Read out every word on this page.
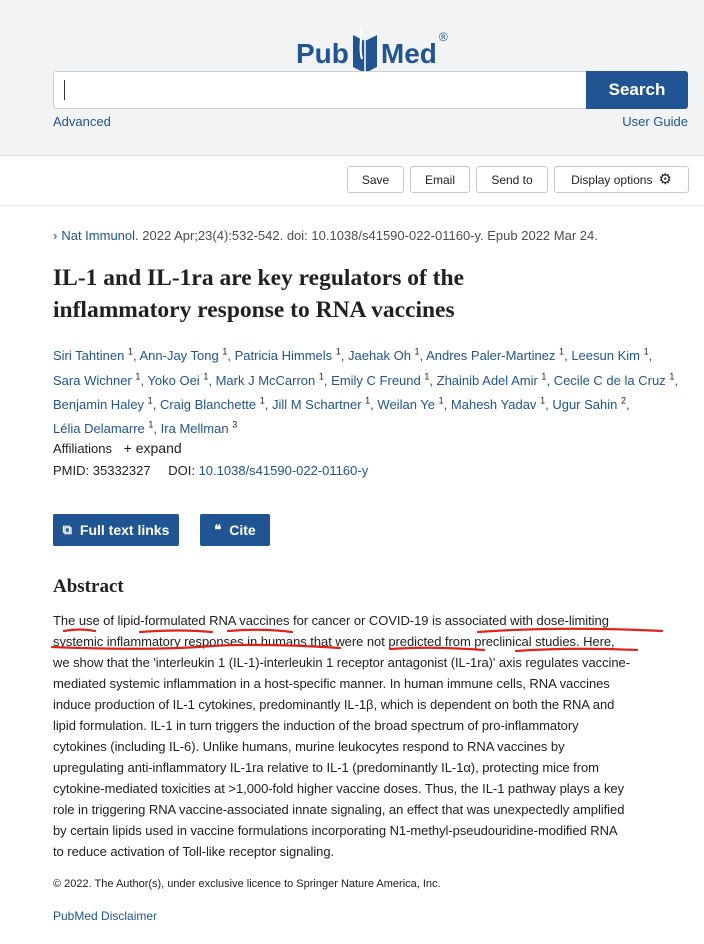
Pub Med
®
Search
Advanced	User Guide
Save	Email	Send to	Display options ⚙
› Nat Immunol. 2022 Apr;23(4):532-542. doi: 10.1038/s41590-022-01160-y. Epub 2022 Mar 24.
IL-1 and IL-1ra are key regulators of the
inflammatory response to RNA vaccines
Siri Tahtinen $^1$, Ann-Jay Tong $^1$, Patricia Himmels $^1$, Jaehak Oh $^1$, Andres Paler-Martinez $^1$, Leesun Kim $^1$, Sara Wichner $^1$, Yoko Oei $^1$, Mark J McCarron $^1$, Emily C Freund $^1$, Zhainib Adel Amir $^1$, Cecile C de la Cruz $^1$, Benjamin Haley $^1$, Craig Blanchette $^1$, Jill M Schartner $^1$, Weilan Ye $^1$, Mahesh Yadav $^1$, Ugur Sahin $^2$, Lélia Delamarre $^1$, Ira Mellman $^3$
Affiliations + expand
PMID: 35332327 DOI: 10.1038/s41590-022-01160-y
⧉ Full text links	❝ Cite
Abstract
The use of lipid-formulated RNA vaccines for cancer or COVID-19 is associated with dose-limiting
systemic inflammatory responses in humans that were not predicted from preclinical studies. Here,
we show that the 'interleukin 1 (IL-1)-interleukin 1 receptor antagonist (IL-1ra)' axis regulates vaccine-
mediated systemic inflammation in a host-specific manner. In human immune cells, RNA vaccines
induce production of IL-1 cytokines, predominantly IL-1β, which is dependent on both the RNA and
lipid formulation. IL-1 in turn triggers the induction of the broad spectrum of pro-inflammatory
cytokines (including IL-6). Unlike humans, murine leukocytes respond to RNA vaccines by
upregulating anti-inflammatory IL-1ra relative to IL-1 (predominantly IL-1α), protecting mice from
cytokine-mediated toxicities at >1,000-fold higher vaccine doses. Thus, the IL-1 pathway plays a key
role in triggering RNA vaccine-associated innate signaling, an effect that was unexpectedly amplified
by certain lipids used in vaccine formulations incorporating N1-methyl-pseudouridine-modified RNA
to reduce activation of Toll-like receptor signaling.
© 2022. The Author(s), under exclusive licence to Springer Nature America, Inc.
PubMed Disclaimer
